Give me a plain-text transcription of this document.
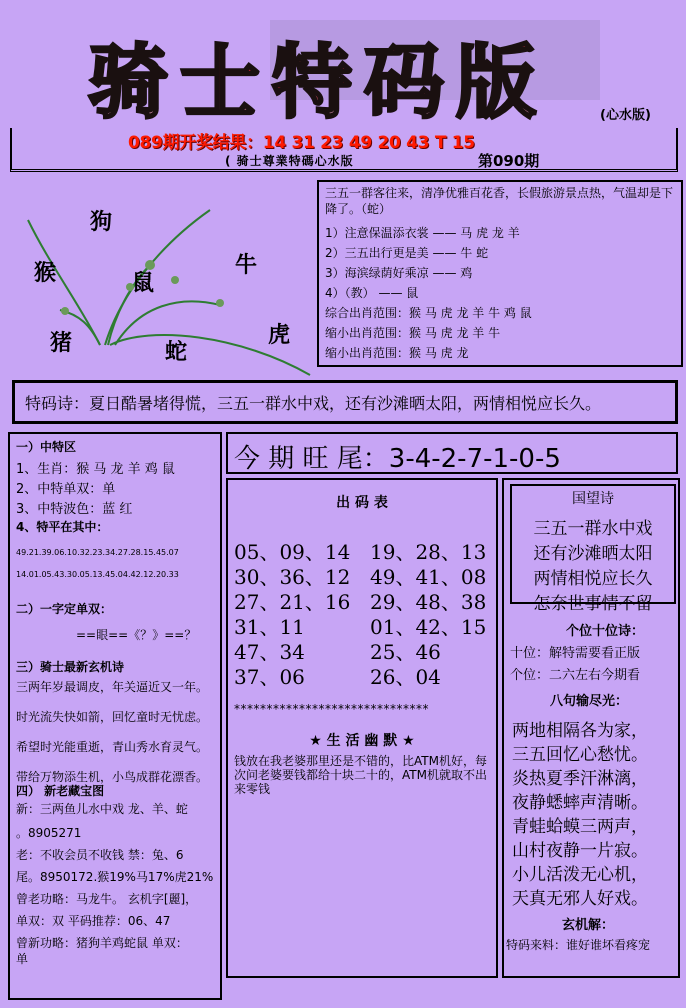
骑士特码版	(心水版)
089期开奖结果：14 31 23 49 20 43 T 15
( 骑士尊業特碼心水版	第090期
狗
猴	鼠
牛
猪	蛇
虎
三五一群客往来，清净优雅百花香，长假旅游景点热，气温却是下降了。（蛇）
1）注意保温添衣裳 —— 马 虎 龙 羊
2）三五出行更是美 —— 牛 蛇
3）海滨绿荫好乘凉 —— 鸡
4）（教） —— 鼠
综合出肖范围：猴 马 虎 龙 羊 牛 鸡 鼠
缩小出肖范围：猴 马 虎 龙 羊 牛
缩小出肖范围：猴 马 虎 龙
特码诗：夏日酷暑堵得慌，三五一群水中戏，还有沙滩晒太阳，两情相悦应长久。
一）中特区
1、生肖：猴 马 龙 羊 鸡 鼠
2、中特单双：单
3、中特波色：蓝 红
4、特平在其中：
49.21.39.06.10.32.23.34.27.28.15.45.07
14.01.05.43.30.05.13.45.04.42.12.20.33
二）一字定单双：
==眼==《？》==？
三）骑士最新玄机诗
三两年岁最调皮，年关逼近又一年。
时光流失快如箭，回忆童时无忧虑。
希望时光能重逝，青山秀水育灵气。
带给万物添生机，小鸟成群花漂香。
四） 新老藏宝图
新：三两鱼儿水中戏 龙、羊、蛇
。8905271
老：不收会员不收钱 禁：兔、6
尾。8950172.猴19%马17%虎21%
曾老功略：马龙牛。 玄机字[麗]，
单双：双 平码推荐：06、47
曾新功略：猪狗羊鸡蛇鼠 单双：
单
今 期 旺 尾：3-4-2-7-1-0-5
出 码 表
05、09、14 19、28、13
30、36、12 49、41、08
27、21、16 29、48、38
31、11	01、42、15
47、34	25、46
37、06	26、04
******************************
★ 生 活 幽 默 ★
钱放在我老婆那里还是不错的，比ATM机好，每次问老婆要钱都给十块二十的，ATM机就取不出来零钱
国望诗
三五一群水中戏
还有沙滩晒太阳
两情相悦应长久
怎奈世事情不留
个位十位诗：
十位：解特需要看正版
个位：二六左右今期看
八句输尽光：
两地相隔各为家，
三五回忆心愁忧。
炎热夏季汗淋漓，
夜静蟋蟀声清晰。
青蛙蛤蟆三两声，
山村夜静一片寂。
小儿活泼无心机，
天真无邪人好戏。
玄机解：
特码来料：谁好谁坏看疼宠
